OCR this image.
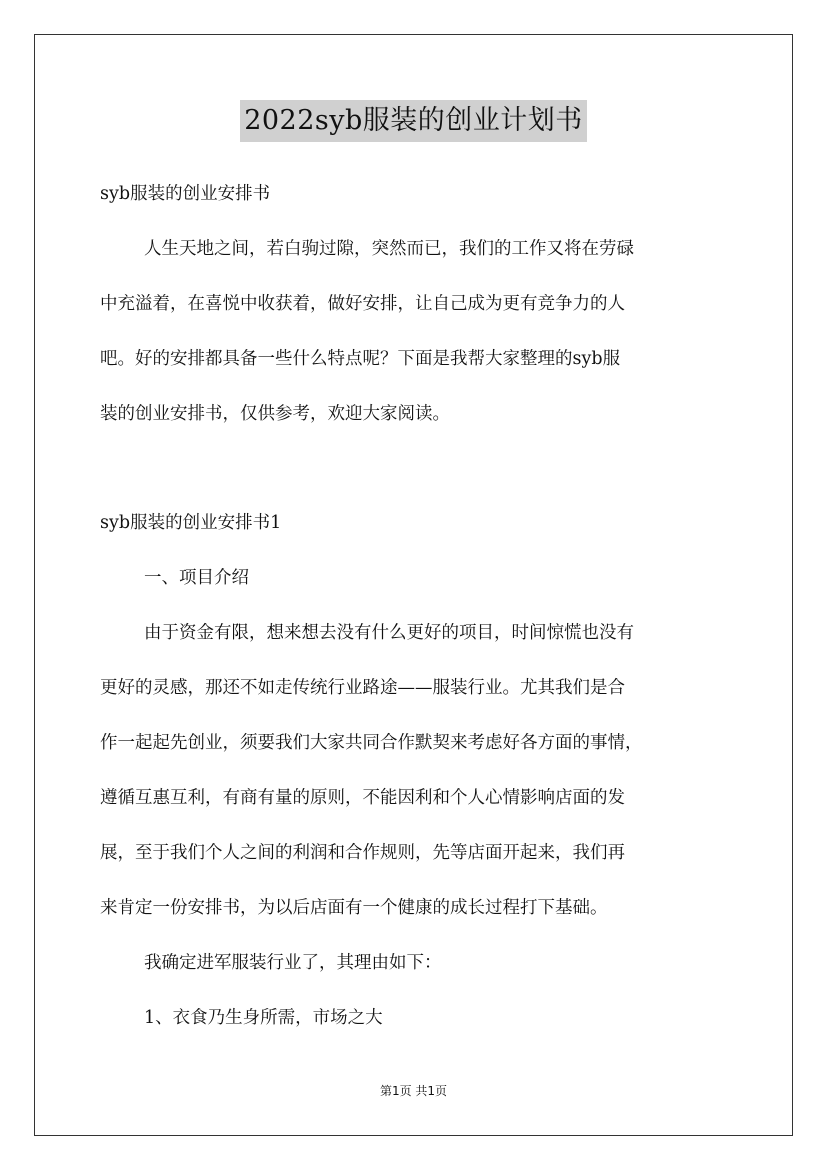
2022syb服装的创业计划书
syb服装的创业安排书
人生天地之间，若白驹过隙，突然而已，我们的工作又将在劳碌
中充溢着，在喜悦中收获着，做好安排，让自己成为更有竞争力的人
吧。好的安排都具备一些什么特点呢？下面是我帮大家整理的syb服
装的创业安排书，仅供参考，欢迎大家阅读。
syb服装的创业安排书1
一、项目介绍
由于资金有限，想来想去没有什么更好的项目，时间惊慌也没有
更好的灵感，那还不如走传统行业路途——服装行业。尤其我们是合
作一起起先创业，须要我们大家共同合作默契来考虑好各方面的事情，
遵循互惠互利，有商有量的原则，不能因利和个人心情影响店面的发
展，至于我们个人之间的利润和合作规则，先等店面开起来，我们再
来肯定一份安排书，为以后店面有一个健康的成长过程打下基础。
我确定进军服装行业了，其理由如下：
1、衣食乃生身所需，市场之大
第1页 共1页
